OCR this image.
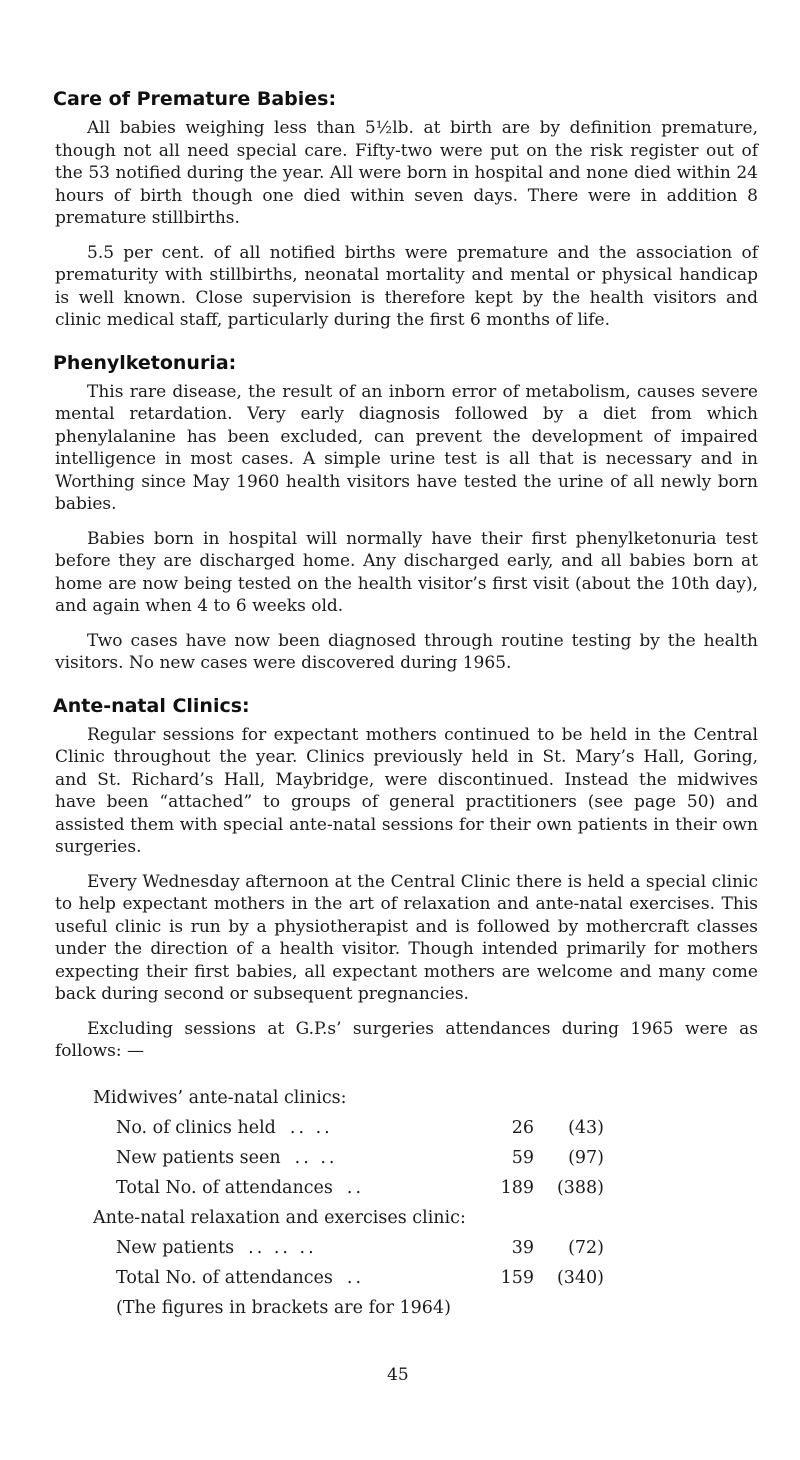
Care of Premature Babies:

All babies weighing less than 5½lb. at birth are by definition premature, though not all need special care. Fifty-two were put on the risk register out of the 53 notified during the year. All were born in hospital and none died within 24 hours of birth though one died within seven days. There were in addition 8 premature stillbirths.

5.5 per cent. of all notified births were premature and the association of prematurity with stillbirths, neonatal mortality and mental or physical handicap is well known. Close supervision is therefore kept by the health visitors and clinic medical staff, particularly during the first 6 months of life.

Phenylketonuria:

This rare disease, the result of an inborn error of metabolism, causes severe mental retardation. Very early diagnosis followed by a diet from which phenylalanine has been excluded, can prevent the development of impaired intelligence in most cases. A simple urine test is all that is necessary and in Worthing since May 1960 health visitors have tested the urine of all newly born babies.

Babies born in hospital will normally have their first phenylketonuria test before they are discharged home. Any discharged early, and all babies born at home are now being tested on the health visitor’s first visit (about the 10th day), and again when 4 to 6 weeks old.

Two cases have now been diagnosed through routine testing by the health visitors. No new cases were discovered during 1965.

Ante-natal Clinics:

Regular sessions for expectant mothers continued to be held in the Central Clinic throughout the year. Clinics previously held in St. Mary’s Hall, Goring, and St. Richard’s Hall, Maybridge, were discontinued. Instead the midwives have been “attached” to groups of general practitioners (see page 50) and assisted them with special ante-natal sessions for their own patients in their own surgeries.

Every Wednesday afternoon at the Central Clinic there is held a special clinic to help expectant mothers in the art of relaxation and ante-natal exercises. This useful clinic is run by a physiotherapist and is followed by mothercraft classes under the direction of a health visitor. Though intended primarily for mothers expecting their first babies, all expectant mothers are welcome and many come back during second or subsequent pregnancies.

Excluding sessions at G.P.s’ surgeries attendances during 1965 were as follows: —

Midwives’ ante-natal clinics:
No. of clinics held .. ..	26	(43)
New patients seen .. ..	59	(97)
Total No. of attendances ..	189	(388)
Ante-natal relaxation and exercises clinic:
New patients .. .. ..	39	(72)
Total No. of attendances ..	159	(340)
(The figures in brackets are for 1964)
45
